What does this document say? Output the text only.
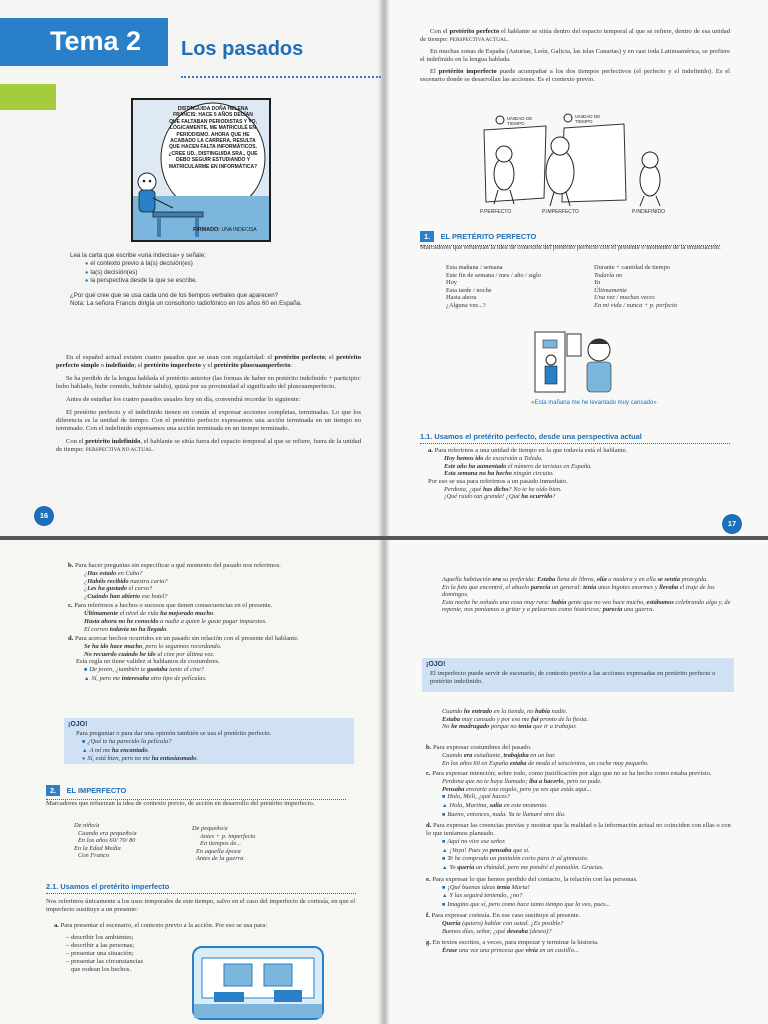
Tema 2 Los pasados
DISTINGUIDA DOÑA HELENA FRANCIS: HACE 5 AÑOS DECÍAN QUE FALTABAN PERIODISTAS Y YO, LÓGICAMENTE, ME MATRICULÉ EN PERIODISMO. AHORA QUE HE ACABADO LA CARRERA, RESULTA QUE HACEN FALTA INFORMÁTICOS. ¿CREE UD., DISTINGUIDA SRA., QUE DEBO SEGUIR ESTUDIANDO Y MATRICULARME EN INFORMÁTICA?
FIRMADO: UNA INDECISA

Lea la carta que escribe «una indecisa» y señale:

● el contexto previo a la(s) decisión(es)
● la(s) decisión(es)
● la perspectiva desde la que se escribe.

¿Por qué cree que se usa cada uno de los tiempos verbales que aparecen?

Nota: La señora Francis dirigía un consultorio radiofónico en los años 60 en España.

En el español actual existen cuatro pasados que se usan con regularidad: el pretérito perfecto; el pretérito perfecto simple o indefinido; el pretérito imperfecto y el pretérito pluscuamperfecto.

Se ha perdido de la lengua hablada el pretérito anterior (las formas de haber en pretérito indefinido + participio: hubo hablado, hube comido, hubiste salido), quizá por su proximidad al significado del pluscuamperfecto.

Antes de estudiar los cuatro pasados usuales hoy en día, convendrá recordar lo siguiente:

El pretérito perfecto y el indefinido tienen en común el expresar acciones completas, terminadas. Lo que los diferencia es la unidad de tiempo. Con el pretérito perfecto expresamos una acción terminada en un tiempo no terminado. Con el indefinido expresamos una acción terminada en un tiempo terminado.

Con el pretérito indefinido, el hablante se sitúa fuera del espacio temporal al que se refiere, fuera de la unidad de tiempo: PERSPECTIVA NO ACTUAL.

16

Con el pretérito perfecto el hablante se sitúa dentro del espacio temporal al que se refiere, dentro de esa unidad de tiempo: PERSPECTIVA ACTUAL.

En muchas zonas de España (Asturias, León, Galicia, las islas Canarias) y en casi toda Latinoamérica, se prefiere el indefinido en la lengua hablada.

El pretérito imperfecto puede acompañar a los dos tiempos perfectivos (el perfecto y el indefinido). Es el escenario donde se desarrollan las acciones. Es el contexto previo.

UNIDAD DE TIEMPO
UNIDAD DE TIEMPO
P.PERFECTO	P.IMPERFECTO	P.INDEFINIDO
1. EL PRETÉRITO PERFECTO

Marcadores que refuerzan la idea de conexión del pretérito perfecto con el presente o momento de la enunciación:

Esta mañana / semana

Este fin de semana / mes / año / siglo

Hoy

Esta tarde / noche

Hasta ahora

¿Alguna vez...?

Durante + cantidad de tiempo

Todavía no

Ya

Últimamente

Una vez / muchas veces

En mi vida / nunca + p. perfecto

«Esta mañana me he levantado muy cansado»

1.1. Usamos el pretérito perfecto, desde una perspectiva actual

a. Para referirnos a una unidad de tiempo en la que todavía está el hablante.

Hoy hemos ido de excursión a Toledo.

Este año ha aumentado el número de turistas en España.

Esta semana no ha hecho ningún circuito.

Por eso se usa para referirnos a un pasado inmediato.

Perdona, ¿qué has dicho? No te he oído bien.

¡Qué ruido tan grande! ¿Qué ha ocurrido?

17

b. Para hacer preguntas sin especificar a qué momento del pasado nos referimos.

¿Has estado en Cuba?

¿Habéis recibido nuestra carta?

¿Les ha gustado el curso?

¿Cuándo han abierto ese hotel?

c. Para referirnos a hechos o sucesos que tienen consecuencias en el presente.

Últimamente el nivel de vida ha mejorado mucho.

Hasta ahora no he conocido a nadie a quien le guste pagar impuestos.

El correo todavía no ha llegado.

d. Para acercar hechos ocurridos en un pasado sin relación con el presente del hablante.

Se ha ido hace mucho, pero lo seguimos recordando.

No recuerdo cuándo he ido al cine por última vez.

Esta regla no tiene validez si hablamos de costumbres.

■ De joven, ¿también te gustaba tanto el cine?

▲ Sí, pero me interesaba otro tipo de películas.

¡OJO!

Para preguntar o para dar una opinión también se usa el pretérito perfecto.

■ ¿Qué te ha parecido la película?

▲ A mí me ha encantado.

● Sí, está bien, pero no me ha entusiasmado.

2. EL IMPERFECTO

Marcadores que refuerzan la idea de contexto previo, de acción en desarrollo del pretérito imperfecto.

De niño/a

Cuando era pequeño/a

En los años 60/ 70/ 80

En la Edad Media

Con Franco

De pequeño/a

Antes + p. imperfecto

En tiempos de...

En aquella época

Antes de la guerra

2.1. Usamos el pretérito imperfecto

Nos referimos únicamente a los usos temporales de este tiempo, salvo en el caso del imperfecto de cortesía, en que el imperfecto sustituye a un presente:

a. Para presentar el escenario, el contexto previo a la acción. Por eso se usa para:

– describir los ambientes;

– describir a las personas;

– presentar una situación;

– presentar las circunstancias

que rodean los hechos.

Aquella habitación era su preferida: Estaba llena de libros, olía a madera y en ella se sentía protegida.

En la foto que encontró, el abuelo parecía un general: tenía unos bigotes enormes y llevaba el traje de los domingos.

Esta noche he soñado una cosa muy rara: había gente que no veo hace mucho, estábamos celebrando algo y, de repente, nos poníamos a gritar y a pelearnos como históricos; parecía una guerra.

¡OJO!

El imperfecto puede servir de escenario, de contexto previo a las acciones expresadas en pretérito perfecto o pretérito indefinido.

Cuando he entrado en la tienda, no había nadie.

Estaba muy cansado y por eso me fui pronto de la fiesta.

No he madrugado porque no tenía que ir a trabajar.

b. Para expresar costumbres del pasado.

Cuando era estudiante, trabajaba en un bar.

En los años 60 en España estaba de moda el seiscientos, un coche muy pequeño.

c. Para expresar intención; sobre todo, como justificación por algo que no se ha hecho como estaba previsto.

Perdona que no te haya llamado; iba a hacerlo, pero no pude.

Pensaba enviarte este regalo, pero ya ves que estás aquí...

■ Hola, Meli, ¿qué haces?

▲ Hola, Martina, salía en este momento.

■ Bueno, entonces, nada. Ya te llamaré otro día.

d. Para expresar las creencias previas y mostrar que la realidad o la información actual no coinciden con ellas o con lo que teníamos planeado.

■ Aquí no vive ese señor.

▲ ¡Vaya! Pues yo pensaba que sí.

■ Te he comprado un pantalón corto para ir al gimnasio.

▲ Yo quería un chándal, pero me pondré el pantalón. Gracias.

e. Para expresar lo que hemos perdido del contacto, la relación con las personas.

■ ¡Qué buenas ideas tenía Marta!

▲ Y las seguirá teniendo, ¿no?

■ Imagino que sí, pero como hace tanto tiempo que la veo, pues...

f. Para expresar cortesía. En ese caso sustituye al presente.

Quería (quiero) hablar con usted. ¿Es posible?

Buenos días, señor, ¿qué deseaba (desea)?

g. En textos escritos, a veces, para empezar y terminar la historia.

Érase una vez una princesa que vivía en un castillo...
